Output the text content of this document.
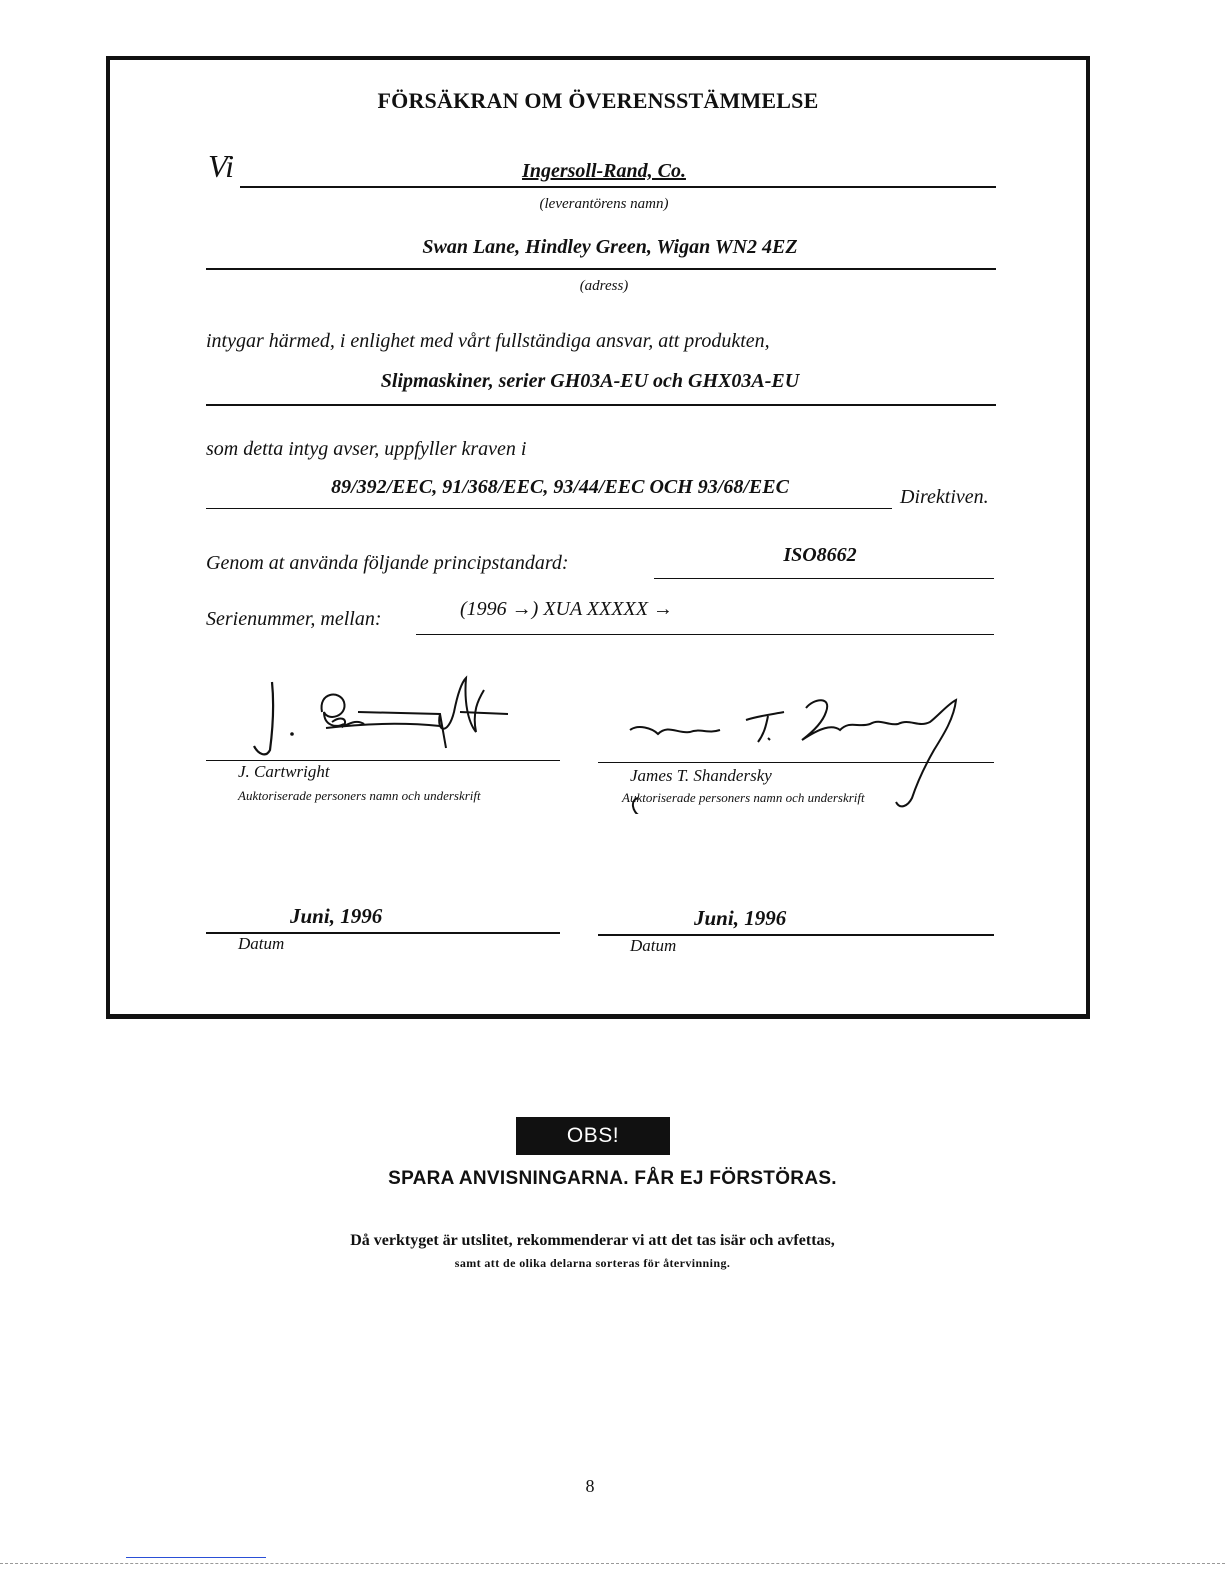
FÖRSÄKRAN OM ÖVERENSSTÄMMELSE
Vi	Ingersoll-Rand, Co.
(leverantörens namn)
Swan Lane, Hindley Green, Wigan WN2 4EZ
(adress)
intygar härmed, i enlighet med vårt fullständiga ansvar, att produkten,
Slipmaskiner, serier GH03A-EU och GHX03A-EU
som detta intyg avser, uppfyller kraven i
89/392/EEC, 91/368/EEC, 93/44/EEC OCH 93/68/EEC	Direktiven.
Genom at använda följande principstandard:	ISO8662
Serienummer, mellan:	(1996 →) XUA XXXXX →
J. Cartwright
Auktoriserade personers namn och underskrift
James T. Shandersky
Auktoriserade personers namn och underskrift
Juni, 1996
Datum
Juni, 1996
Datum
OBS!
SPARA ANVISNINGARNA. FÅR EJ FÖRSTÖRAS.
Då verktyget är utslitet, rekommenderar vi att det tas isär och avfettas,
samt att de olika delarna sorteras för återvinning.
8
